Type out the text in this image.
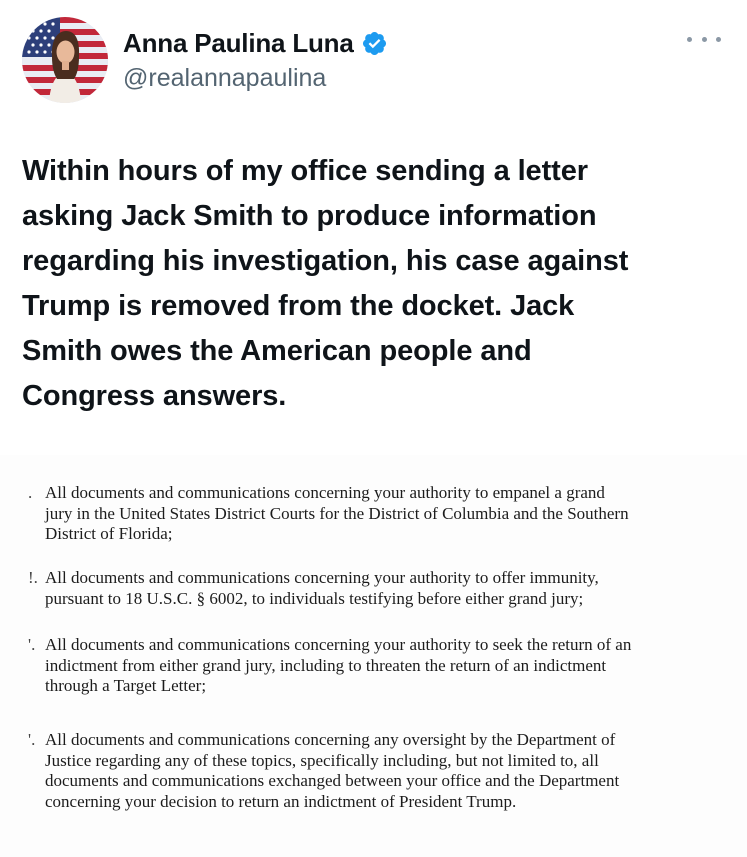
Anna Paulina Luna
@realannapaulina
Within hours of my office sending a letter
asking Jack Smith to produce information
regarding his investigation, his case against
Trump is removed from the docket. Jack
Smith owes the American people and
Congress answers.
. All documents and communications concerning your authority to empanel a grand
jury in the United States District Courts for the District of Columbia and the Southern
District of Florida;
!. All documents and communications concerning your authority to offer immunity,
pursuant to 18 U.S.C. § 6002, to individuals testifying before either grand jury;
'. All documents and communications concerning your authority to seek the return of an
indictment from either grand jury, including to threaten the return of an indictment
through a Target Letter;
'. All documents and communications concerning any oversight by the Department of
Justice regarding any of these topics, specifically including, but not limited to, all
documents and communications exchanged between your office and the Department
concerning your decision to return an indictment of President Trump.
